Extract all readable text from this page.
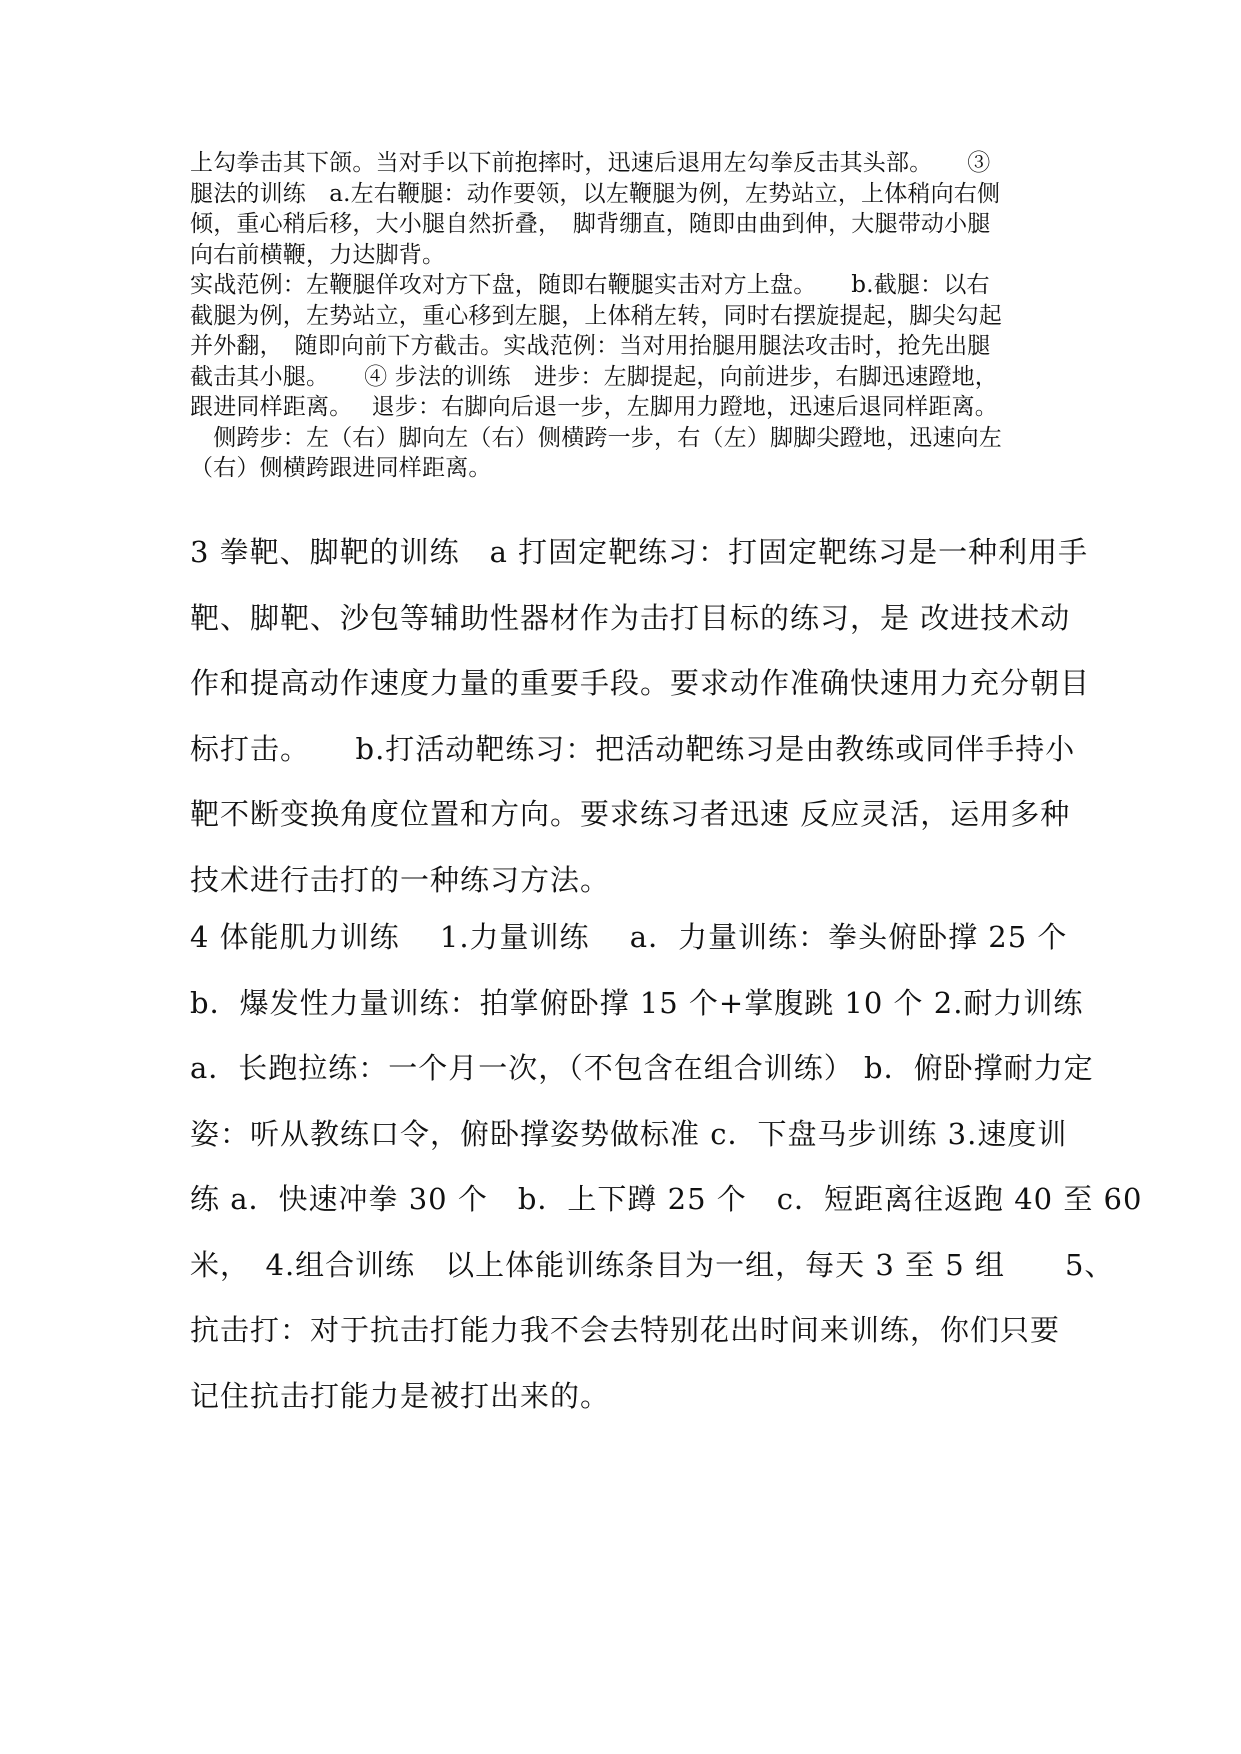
上勾拳击其下颌。当对手以下前抱摔时，迅速后退用左勾拳反击其头部。　　③
腿法的训练　a.左右鞭腿：动作要领，以左鞭腿为例，左势站立，上体稍向右侧
倾，重心稍后移，大小腿自然折叠，　脚背绷直，随即由曲到伸，大腿带动小腿
向右前横鞭，力达脚背。
实战范例：左鞭腿佯攻对方下盘，随即右鞭腿实击对方上盘。　　b.截腿：以右
截腿为例，左势站立，重心移到左腿，上体稍左转，同时右摆旋提起，脚尖勾起
并外翻，　随即向前下方截击。实战范例：当对用抬腿用腿法攻击时，抢先出腿
截击其小腿。　　④ 步法的训练　进步：左脚提起，向前进步，右脚迅速蹬地，
跟进同样距离。　 退步：右脚向后退一步，左脚用力蹬地，迅速后退同样距离。
　侧跨步：左（右）脚向左（右）侧横跨一步，右（左）脚脚尖蹬地，迅速向左
（右）侧横跨跟进同样距离。
3 拳靶、脚靶的训练　a 打固定靶练习：打固定靶练习是一种利用手
靶、脚靶、沙包等辅助性器材作为击打目标的练习，是 改进技术动
作和提高动作速度力量的重要手段。要求动作准确快速用力充分朝目
标打击。　　b.打活动靶练习：把活动靶练习是由教练或同伴手持小
靶不断变换角度位置和方向。要求练习者迅速 反应灵活，运用多种
技术进行击打的一种练习方法。
4 体能肌力训练　 1.力量训练　 a．力量训练：拳头俯卧撑 25 个
b．爆发性力量训练：拍掌俯卧撑 15 个+掌腹跳 10 个 2.耐力训练
a．长跑拉练：一个月一次，（不包含在组合训练） b．俯卧撑耐力定
姿：听从教练口令，俯卧撑姿势做标准 c．下盘马步训练 3.速度训
练 a．快速冲拳 30 个　b．上下蹲 25 个　c．短距离往返跑 40 至 60
米，　4.组合训练　以上体能训练条目为一组，每天 3 至 5 组　　5、
抗击打：对于抗击打能力我不会去特别花出时间来训练，你们只要
记住抗击打能力是被打出来的。
